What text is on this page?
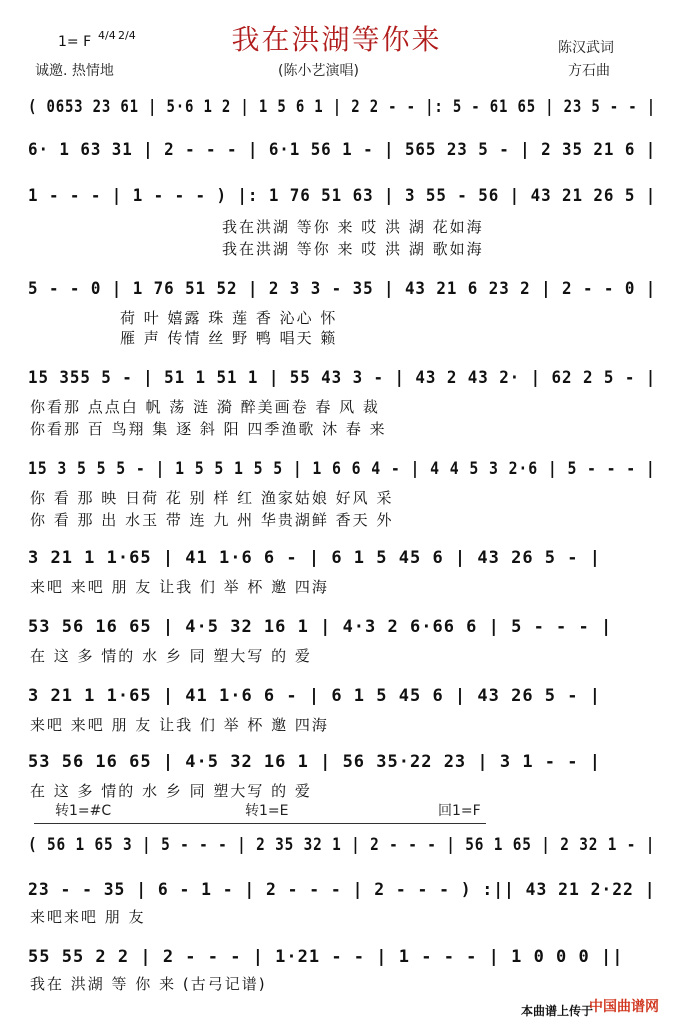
我在洪湖等你来
1= F 4/4 2/4
诚邀. 热情地	(陈小艺演唱)
陈汉武词
方石曲
( 0653 23 61 | 5·6 1 2 | 1 5 6 1 | 2 2 - - |: 5 - 61 65 | 23 5 - - |
6· 1 63 31 | 2 - - - | 6·1 56 1 - | 565 23 5 - | 2 35 21 6 |
1 - - - | 1 - - - ) |: 1 76 51 63 | 3 55 - 56 | 43 21 26 5 |
我在洪湖 等你 来 哎 洪 湖 花如海
我在洪湖 等你 来 哎 洪 湖 歌如海
5 - - 0 | 1 76 51 52 | 2 3 3 - 35 | 43 21 6 23 2 | 2 - - 0 |
荷 叶 嬉露 珠 莲 香 沁心 怀
雁 声 传情 丝 野 鸭 唱天 籁
15 355 5 - | 51 1 51 1 | 55 43 3 - | 43 2 43 2· | 62 2 5 - |
你看那 点点白 帆 荡 涟 漪 醉美画卷 春 风 裁
你看那 百 鸟翔 集 逐 斜 阳 四季渔歌 沐 春 来
15 3 5 5 5 - | 1 5 5 1 5 5 | 1 6 6 4 - | 4 4 5 3 2·6 | 5 - - - |
你 看 那 映 日荷 花 别 样 红 渔家姑娘 好风 采
你 看 那 出 水玉 带 连 九 州 华贵湖鲜 香天 外
3 21 1 1·65 | 41 1·6 6 - | 6 1 5 45 6 | 43 26 5 - |
来吧 来吧 朋 友 让我 们 举 杯 邀 四海
53 56 16 65 | 4·5 32 16 1 | 4·3 2 6·66 6 | 5 - - - |
在 这 多 情的 水 乡 同 塑大写 的 爱
3 21 1 1·65 | 41 1·6 6 - | 6 1 5 45 6 | 43 26 5 - |
来吧 来吧 朋 友 让我 们 举 杯 邀 四海
53 56 16 65 | 4·5 32 16 1 | 56 35·22 23 | 3 1 - - |
在 这 多 情的 水 乡 同 塑大写 的 爱
转1=#C	转1=E	回1=F
( 56 1 65 3 | 5 - - - | 2 35 32 1 | 2 - - - | 56 1 65 | 2 32 1 - |
23 - - 35 | 6 - 1 - | 2 - - - | 2 - - - ) :|| 43 21 2·22 |
来吧来吧 朋 友
55 55 2 2 | 2 - - - | 1·21 - - | 1 - - - | 1 0 0 0 ||
我在 洪湖 等 你 来 (古弓记谱)
本曲谱上传于
中国曲谱网
